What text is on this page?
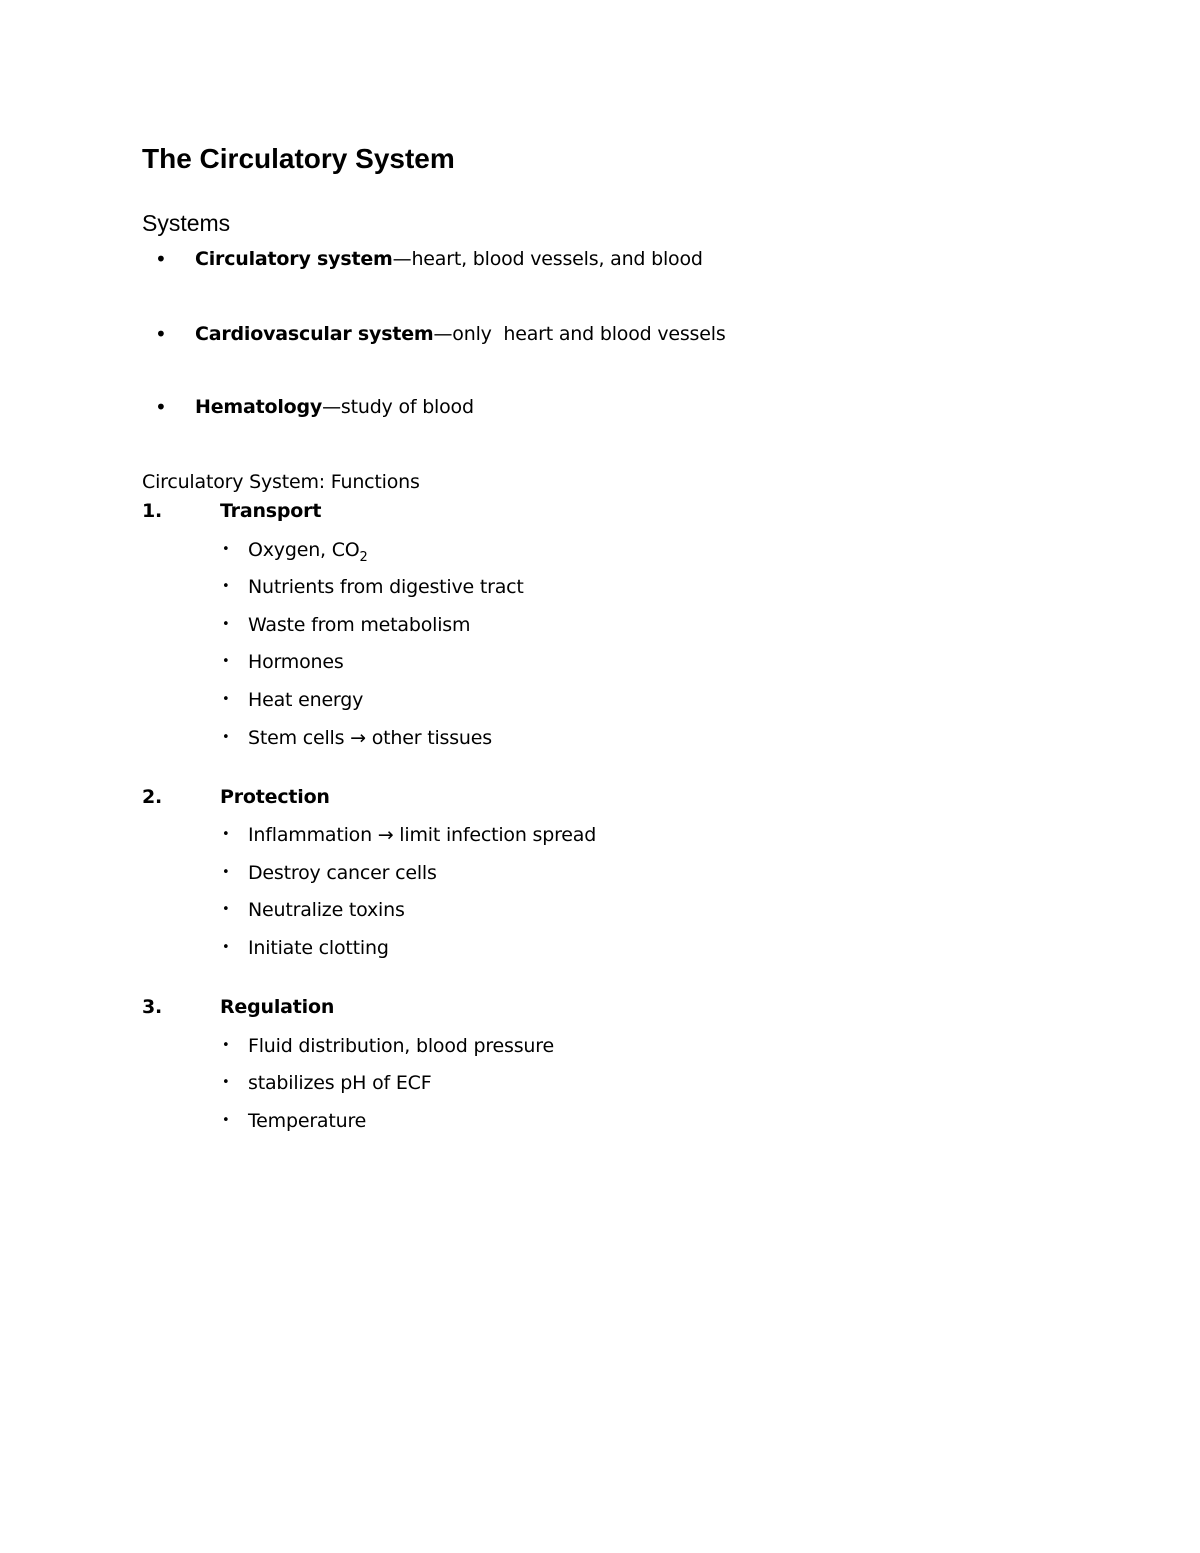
The Circulatory System
Systems
• Circulatory system—heart, blood vessels, and blood
• Cardiovascular system—only  heart and blood vessels
• Hematology—study of blood
Circulatory System: Functions
1.	Transport
• Oxygen, $CO_2$
• Nutrients from digestive tract
• Waste from metabolism
• Hormones
• Heat energy
• Stem cells → other tissues
2.	Protection
• Inflammation → limit infection spread
• Destroy cancer cells
• Neutralize toxins
• Initiate clotting
3.	Regulation
• Fluid distribution, blood pressure
• stabilizes pH of ECF
• Temperature
